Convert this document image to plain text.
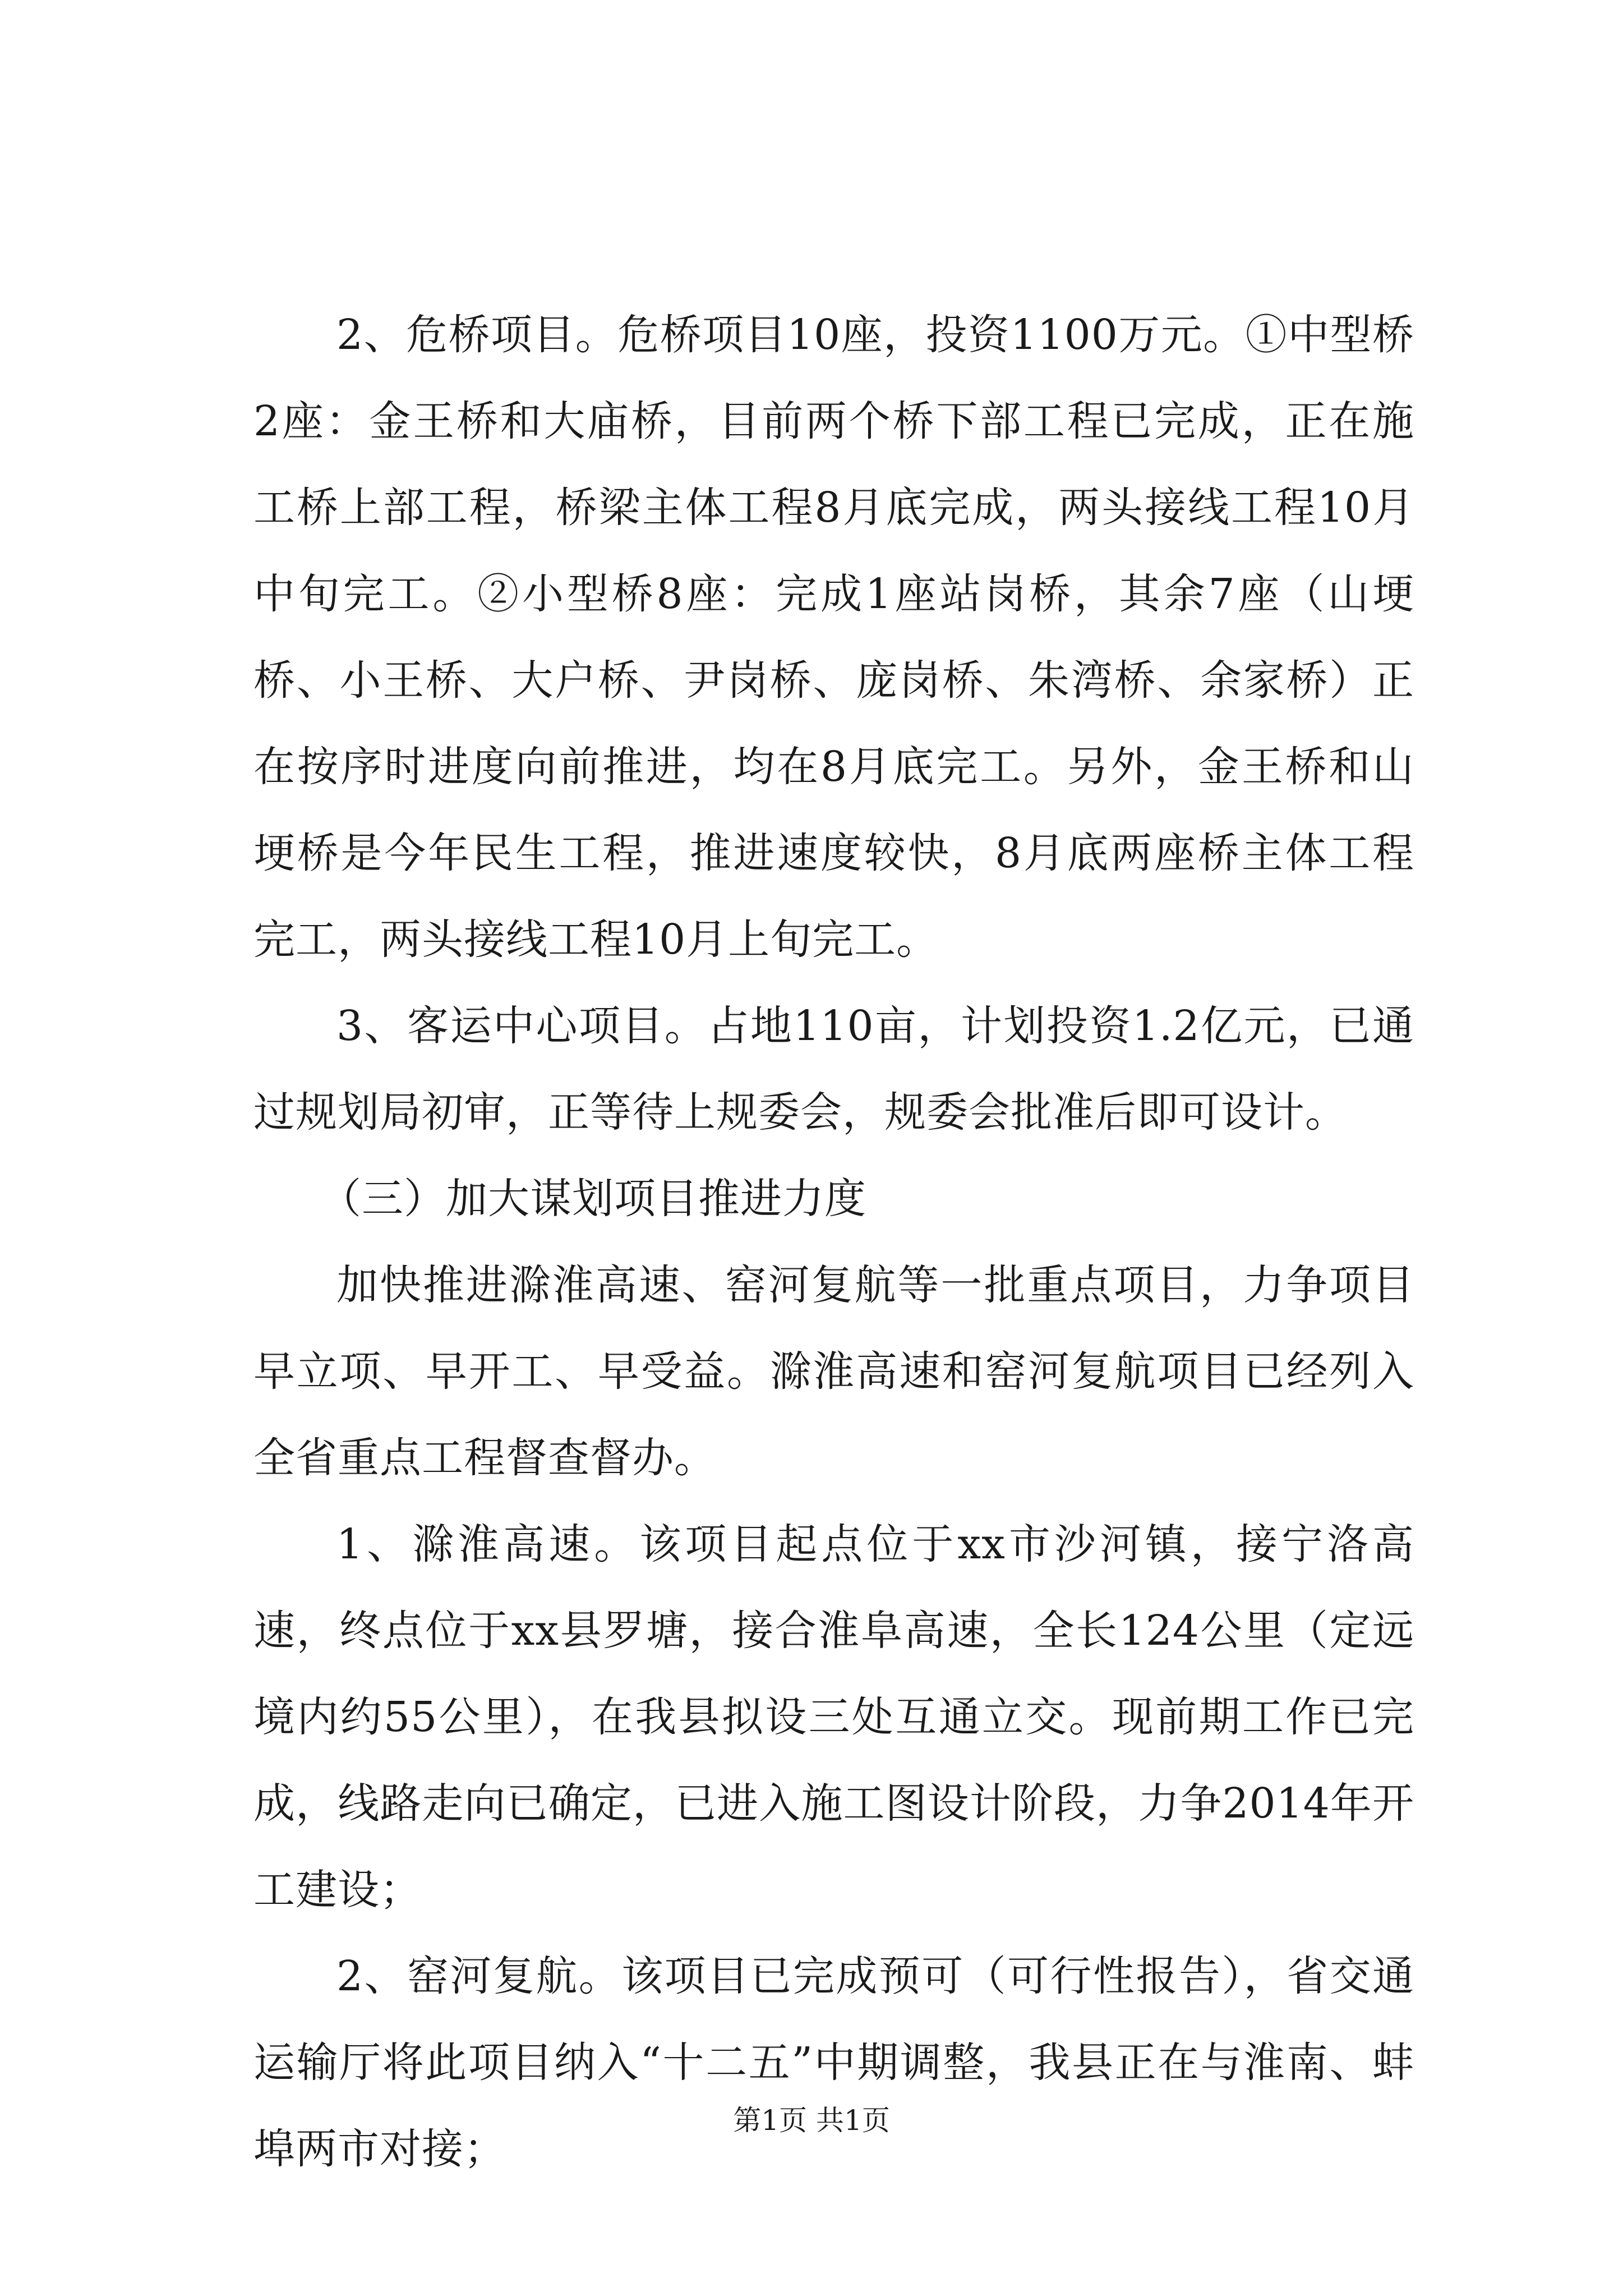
2、危桥项目。危桥项目10座，投资1100万元。①中型桥2座：金王桥和大庙桥，目前两个桥下部工程已完成，正在施工桥上部工程，桥梁主体工程8月底完成，两头接线工程10月中旬完工。②小型桥8座：完成1座站岗桥，其余7座（山埂桥、小王桥、大户桥、尹岗桥、庞岗桥、朱湾桥、余家桥）正在按序时进度向前推进，均在8月底完工。另外，金王桥和山埂桥是今年民生工程，推进速度较快，8月底两座桥主体工程完工，两头接线工程10月上旬完工。

3、客运中心项目。占地110亩，计划投资1.2亿元，已通过规划局初审，正等待上规委会，规委会批准后即可设计。

（三）加大谋划项目推进力度

加快推进滁淮高速、窑河复航等一批重点项目，力争项目早立项、早开工、早受益。滁淮高速和窑河复航项目已经列入全省重点工程督查督办。

1、滁淮高速。该项目起点位于xx市沙河镇，接宁洛高速，终点位于xx县罗塘，接合淮阜高速，全长124公里（定远境内约55公里），在我县拟设三处互通立交。现前期工作已完成，线路走向已确定，已进入施工图设计阶段，力争2014年开工建设；

2、窑河复航。该项目已完成预可（可行性报告），省交通运输厅将此项目纳入“十二五”中期调整，我县正在与淮南、蚌埠两市对接；

第1页 共1页
